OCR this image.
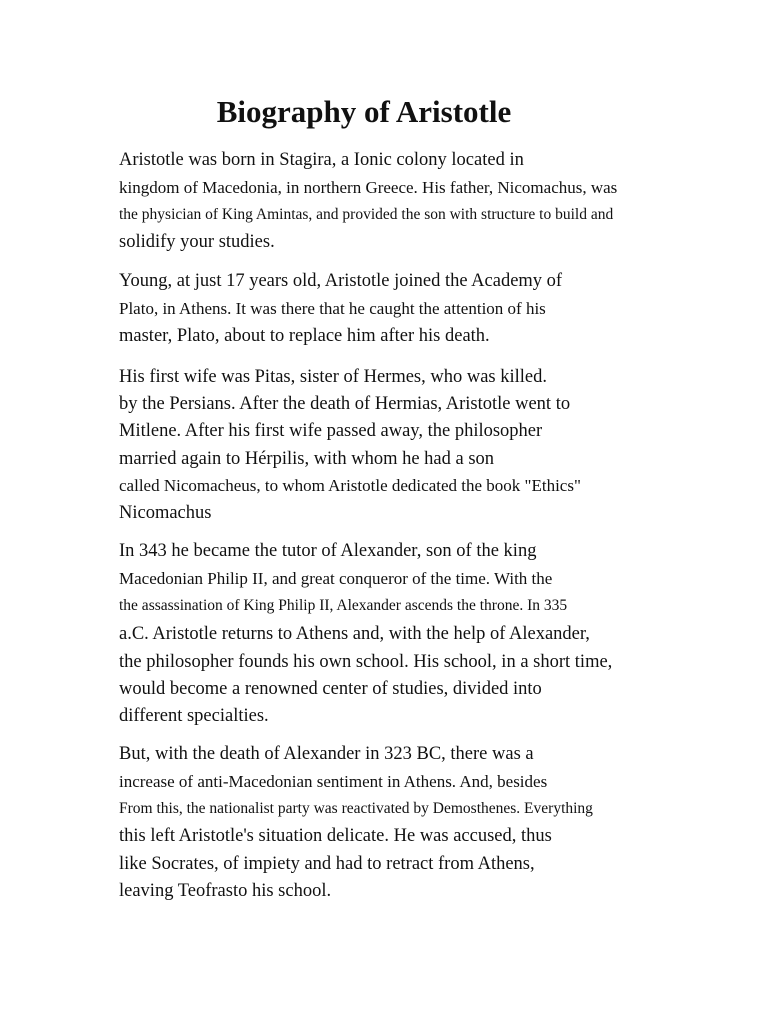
Biography of Aristotle
Aristotle was born in Stagira, a Ionic colony located in
kingdom of Macedonia, in northern Greece. His father, Nicomachus, was
the physician of King Amintas, and provided the son with structure to build and
solidify your studies.
Young, at just 17 years old, Aristotle joined the Academy of
Plato, in Athens. It was there that he caught the attention of his
master, Plato, about to replace him after his death.
His first wife was Pitas, sister of Hermes, who was killed.
by the Persians. After the death of Hermias, Aristotle went to
Mitlene. After his first wife passed away, the philosopher
married again to Hérpilis, with whom he had a son
called Nicomacheus, to whom Aristotle dedicated the book "Ethics"
Nicomachus
In 343 he became the tutor of Alexander, son of the king
Macedonian Philip II, and great conqueror of the time. With the
the assassination of King Philip II, Alexander ascends the throne. In 335
a.C. Aristotle returns to Athens and, with the help of Alexander,
the philosopher founds his own school. His school, in a short time,
would become a renowned center of studies, divided into
different specialties.
But, with the death of Alexander in 323 BC, there was a
increase of anti-Macedonian sentiment in Athens. And, besides
From this, the nationalist party was reactivated by Demosthenes. Everything
this left Aristotle's situation delicate. He was accused, thus
like Socrates, of impiety and had to retract from Athens,
leaving Teofrasto his school.
